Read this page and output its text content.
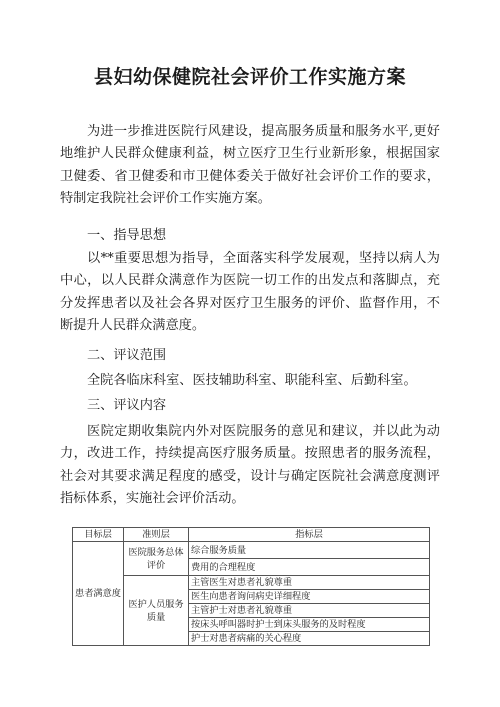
县妇幼保健院社会评价工作实施方案
为进一步推进医院行风建设，提高服务质量和服务水平,更好地维护人民群众健康利益，树立医疗卫生行业新形象，根据国家卫健委、省卫健委和市卫健体委关于做好社会评价工作的要求，特制定我院社会评价工作实施方案。
一、指导思想
以**重要思想为指导，全面落实科学发展观，坚持以病人为中心，以人民群众满意作为医院一切工作的出发点和落脚点，充分发挥患者以及社会各界对医疗卫生服务的评价、监督作用，不断提升人民群众满意度。
二、评议范围
全院各临床科室、医技辅助科室、职能科室、后勤科室。
三、评议内容
医院定期收集院内外对医院服务的意见和建议，并以此为动力，改进工作，持续提高医疗服务质量。按照患者的服务流程，社会对其要求满足程度的感受，设计与确定医院社会满意度测评指标体系，实施社会评价活动。
目标层	准则层	指标层
患者满意度	医院服务总体评价	综合服务质量
		费用的合理程度
	医护人员服务质量	主管医生对患者礼貌尊重
		医生向患者询问病史详细程度
		主管护士对患者礼貌尊重
		按床头呼叫器时护士到床头服务的及时程度
		护士对患者病痛的关心程度
